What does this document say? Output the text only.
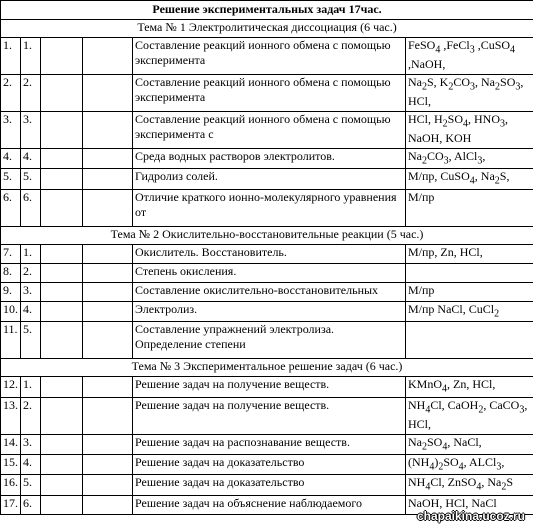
Решение экспериментальных задач 17час.					
Тема № 1 Электролитическая диссоциация (6 час.)					
1.	1.			Составление реакций ионного обмена с помощью эксперимента	FeSO$_4$ ,FeCl$_3$ ,CuSO$_4$ ,NaOH,
2.	2.			Составление реакций ионного обмена с помощью эксперимента	$Na_2S$, $K_2CO_3$, $Na_2SO_3$, HCl,
3.	3.			Составление реакций ионного обмена с помощью эксперимента с	HCl, $H_2SO_4$, $HNO_3$, NaOH, KOH
4.	4.			Среда водных растворов электролитов.	$Na_2CO_3$, AlCl$_3$,
5.	5.			Гидролиз солей.	М/пр, CuSO$_4$, $Na_2S$,
6.	6.			Отличие краткого ионно-молекулярного уравнения от	М/пр
Тема № 2 Окислительно-восстановительные реакции (5 час.)					
7.	1.			Окислитель. Восстановитель.	М/пр, Zn, HCl,
8.	2.			Степень окисления.	
9.	3.			Составление окислительно-восстановительных	М/пр
10.	4.			Электролиз.	М/пр NaCl, CuCl$_2$
11.	5.			Составление упражнений электролиза. Определение степени	
Тема № 3 Экспериментальное решение задач (6 час.)					
12.	1.			Решение задач на получение веществ.	KMnO$_4$, Zn, HCl,
13.	2.			Решение задач на получение веществ.	$NH_4Cl$, CaOH$_2$, CaCO$_3$, HCl,
14.	3.			Решение задач на распознавание веществ.	$Na_2SO_4$, NaCl,
15.	4.			Решение задач на доказательство	$(NH_4)_2SO_4$, ALCl$_3$,
16.	5.			Решение задач на доказательство	$NH_4Cl$, ZnSO$_4$, $Na_2S$
17.	6.			Решение задач на объяснение наблюдаемого	NaOH, HCl, NaCl
chapaikina.ucoz.ru
